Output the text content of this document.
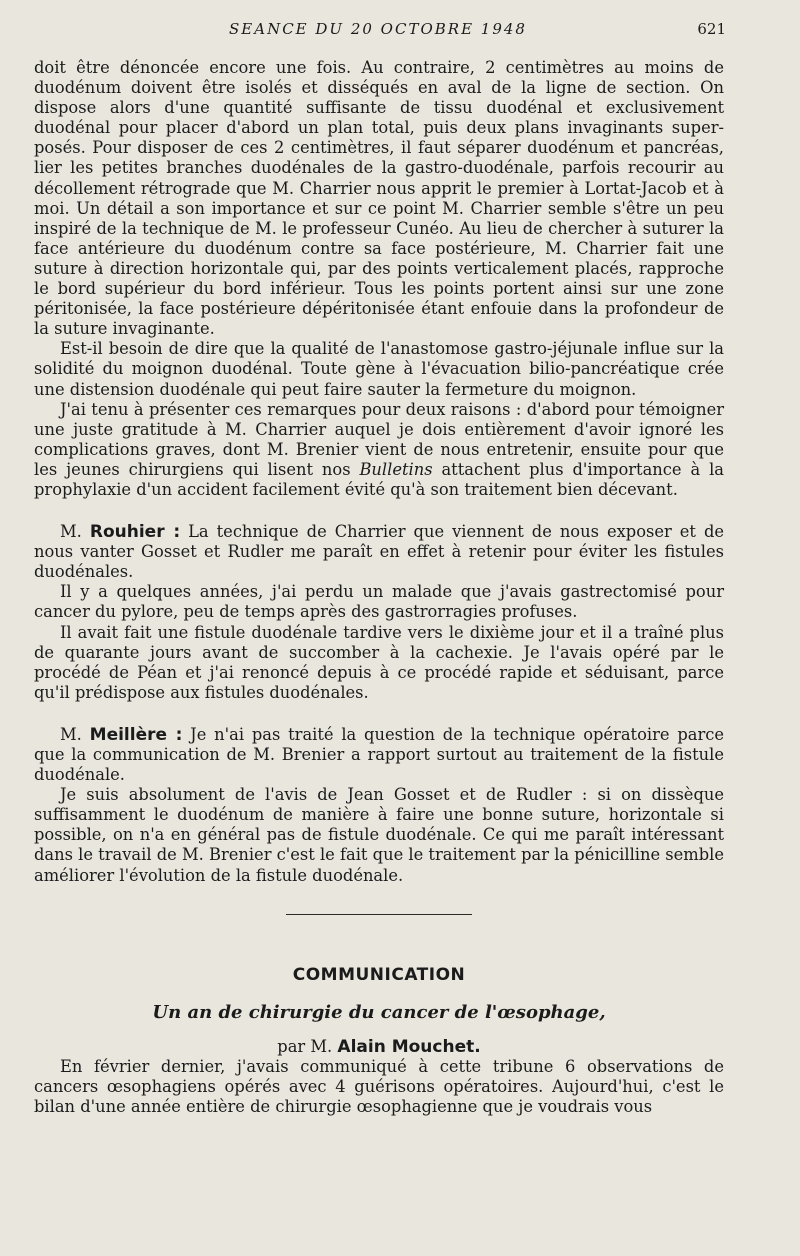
SEANCE DU 20 OCTOBRE 1948	621

doit être dénoncée encore une fois. Au contraire, 2 centimètres au moins de duodénum doivent être isolés et disséqués en aval de la ligne de section. On dispose alors d'une quantité suffisante de tissu duodénal et exclusivement duodénal pour placer d'abord un plan total, puis deux plans invaginants super-posés. Pour disposer de ces 2 centimètres, il faut séparer duodénum et pancréas, lier les petites branches duodénales de la gastro-duodénale, parfois recourir au décollement rétrograde que M. Charrier nous apprit le premier à Lortat-Jacob et à moi. Un détail a son importance et sur ce point M. Charrier semble s'être un peu inspiré de la technique de M. le professeur Cunéo. Au lieu de chercher à suturer la face antérieure du duodénum contre sa face postérieure, M. Charrier fait une suture à direction horizontale qui, par des points verticalement placés, rapproche le bord supérieur du bord inférieur. Tous les points portent ainsi sur une zone péritonisée, la face postérieure dépéritonisée étant enfouie dans la profondeur de la suture invaginante.

Est-il besoin de dire que la qualité de l'anastomose gastro-jéjunale influe sur la solidité du moignon duodénal. Toute gène à l'évacuation bilio-pancréatique crée une distension duodénale qui peut faire sauter la fermeture du moignon.

J'ai tenu à présenter ces remarques pour deux raisons : d'abord pour témoigner une juste gratitude à M. Charrier auquel je dois entièrement d'avoir ignoré les complications graves, dont M. Brenier vient de nous entretenir, ensuite pour que les jeunes chirurgiens qui lisent nos Bulletins attachent plus d'importance à la prophylaxie d'un accident facilement évité qu'à son traitement bien décevant.

M. Rouhier : La technique de Charrier que viennent de nous exposer et de nous vanter Gosset et Rudler me paraît en effet à retenir pour éviter les fistules duodénales.

Il y a quelques années, j'ai perdu un malade que j'avais gastrectomisé pour cancer du pylore, peu de temps après des gastrorragies profuses.

Il avait fait une fistule duodénale tardive vers le dixième jour et il a traîné plus de quarante jours avant de succomber à la cachexie. Je l'avais opéré par le procédé de Péan et j'ai renoncé depuis à ce procédé rapide et séduisant, parce qu'il prédispose aux fistules duodénales.

M. Meillère : Je n'ai pas traité la question de la technique opératoire parce que la communication de M. Brenier a rapport surtout au traitement de la fistule duodénale.

Je suis absolument de l'avis de Jean Gosset et de Rudler : si on dissèque suffisamment le duodénum de manière à faire une bonne suture, horizontale si possible, on n'a en général pas de fistule duodénale. Ce qui me paraît intéressant dans le travail de M. Brenier c'est le fait que le traitement par la pénicilline semble améliorer l'évolution de la fistule duodénale.

COMMUNICATION
Un an de chirurgie du cancer de l'œsophage,
par M. Alain Mouchet.

En février dernier, j'avais communiqué à cette tribune 6 observations de cancers œsophagiens opérés avec 4 guérisons opératoires. Aujourd'hui, c'est le bilan d'une année entière de chirurgie œsophagienne que je voudrais vous
